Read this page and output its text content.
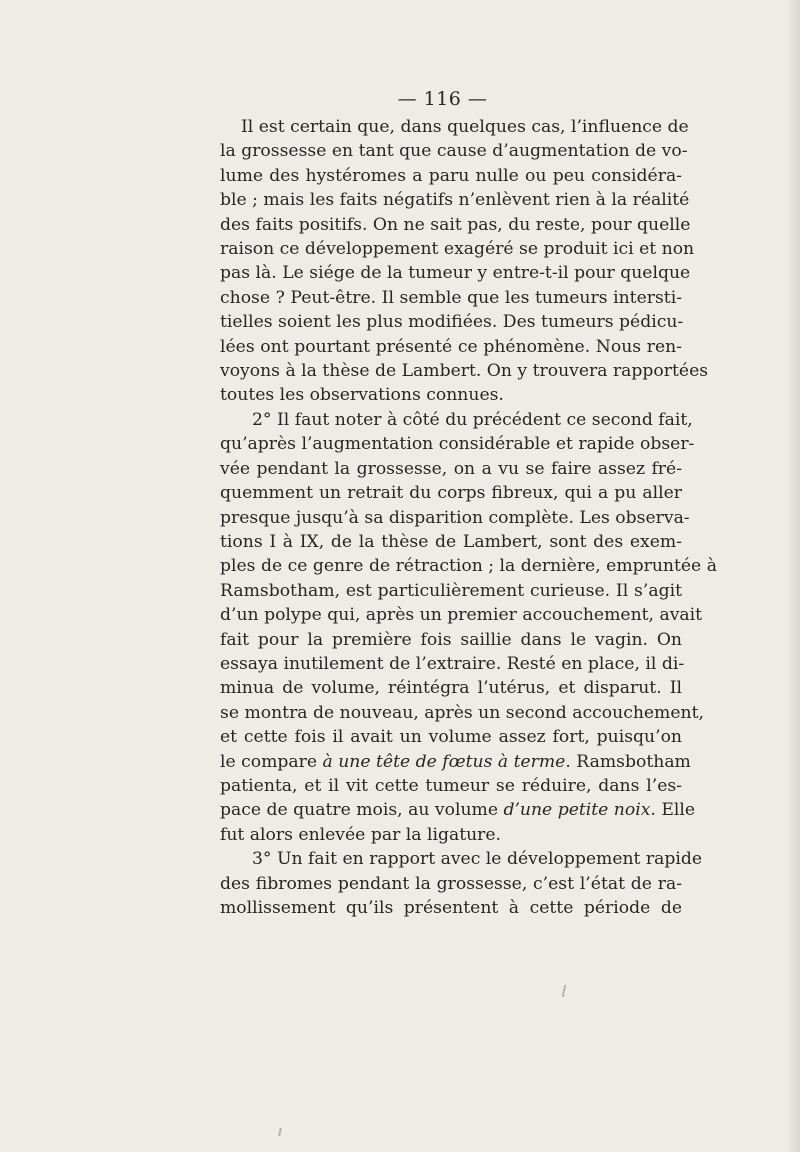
— 116 —
Il est certain que, dans quelques cas, l’influence de
la grossesse en tant que cause d’augmentation de vo-
lume des hystéromes a paru nulle ou peu considéra-
ble ; mais les faits négatifs n’enlèvent rien à la réalité
des faits positifs. On ne sait pas, du reste, pour quelle
raison ce développement exagéré se produit ici et non
pas là. Le siége de la tumeur y entre-t-il pour quelque
chose ? Peut-être. Il semble que les tumeurs intersti-
tielles soient les plus modifiées. Des tumeurs pédicu-
lées ont pourtant présenté ce phénomène. Nous ren-
voyons à la thèse de Lambert. On y trouvera rapportées
toutes les observations connues.
2° Il faut noter à côté du précédent ce second fait,
qu’après l’augmentation considérable et rapide obser-
vée pendant la grossesse, on a vu se faire assez fré-
quemment un retrait du corps fibreux, qui a pu aller
presque jusqu’à sa disparition complète. Les observa-
tions I à IX, de la thèse de Lambert, sont des exem-
ples de ce genre de rétraction ; la dernière, empruntée à
Ramsbotham, est particulièrement curieuse. Il s’agit
d’un polype qui, après un premier accouchement, avait
fait pour la première fois saillie dans le vagin. On
essaya inutilement de l’extraire. Resté en place, il di-
minua de volume, réintégra l’utérus, et disparut. Il
se montra de nouveau, après un second accouchement,
et cette fois il avait un volume assez fort, puisqu’on
le compare à une tête de fœtus à terme. Ramsbotham
patienta, et il vit cette tumeur se réduire, dans l’es-
pace de quatre mois, au volume d’une petite noix. Elle
fut alors enlevée par la ligature.
3° Un fait en rapport avec le développement rapide
des fibromes pendant la grossesse, c’est l’état de ra-
mollissement qu’ils présentent à cette période de
